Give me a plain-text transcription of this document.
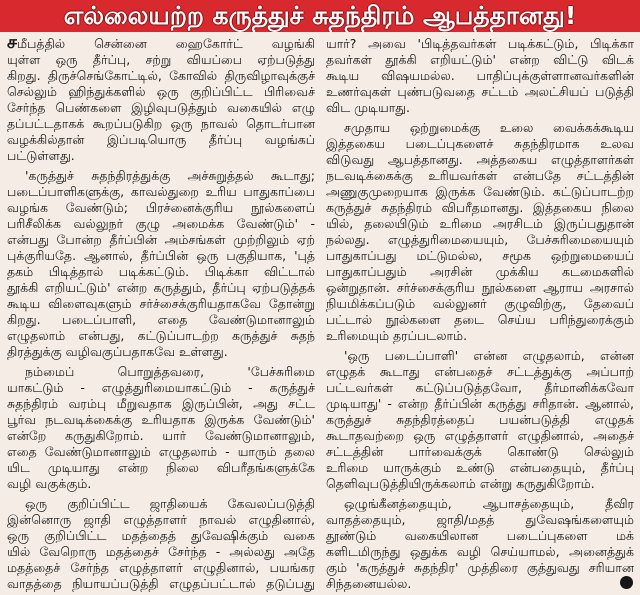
எல்லையற்ற கருத்துச் சுதந்திரம் ஆபத்தானது!
சமீபத்தில் சென்னை ஹைகோர்ட் வழங்கி
யுள்ள ஒரு தீர்ப்பு, சற்று வியப்பை ஏற்படுத்து
கிறது. திருச்செங்கோட்டில், கோவில் திருவிழாவுக்குச்
செல்லும் ஹிந்துக்களில் ஒரு குறிப்பிட்ட பிரிவைச்
சேர்ந்த பெண்களை இழிவுபடுத்தும் வகையில் எழு
தப்பட்டதாகக் கூறப்படுகிற ஒரு நாவல் தொடர்பான
வழக்கில்தான் இப்படியொரு தீர்ப்பு வழங்கப்
பட்டுள்ளது.
'கருத்துச் சுதந்திரத்துக்கு அச்சுறுத்தல் கூடாது;
படைப்பாளிகளுக்கு, காவல்துறை உரிய பாதுகாப்பை
வழங்க வேண்டும்; பிரச்னைக்குரிய நூல்களைப்
பரிசீலிக்க வல்லுநர் குழு அமைக்க வேண்டும்' -
என்பது போன்ற தீர்ப்பின் அம்சங்கள் முற்றிலும் ஏற்
புக்குரியதே. ஆனால், தீர்ப்பின் ஒரு பகுதியாக, 'புத்
தகம் பிடித்தால் படிக்கட்டும். பிடிக்கா விட்டால்
தூக்கி எறியட்டும்' என்ற கருத்தும், தீர்ப்பு ஏற்படுத்தக்
கூடிய விளைவுகளும் சர்ச்சைக்குரியதாகவே தோன்று
கிறது. படைப்பாளி, எதை வேண்டுமானாலும்
எழுதலாம் என்பது, கட்டுப்பாடற்ற கருத்துச் சுதந்
திரத்துக்கு வழிவகுப்பதாகவே உள்ளது.
நம்மைப் பொறுத்தவரை, 'பேச்சுரிமை
யாகட்டும் - எழுத்துரிமையாகட்டும் - கருத்துச்
சுதந்திரம் வரம்பு மீறுவதாக இருப்பின், அது சட்ட
பூர்வ நடவடிக்கைக்கு உரியதாக இருக்க வேண்டும்'
என்றே கருதுகிறோம். யார் வேண்டுமானாலும்,
எதை வேண்டுமானாலும் எழுதலாம் - யாரும் தலை
யிட முடியாது என்ற நிலை விபரீதங்களுக்கே
வழி வகுக்கும்.
ஒரு குறிப்பிட்ட ஜாதியைக் கேவலப்படுத்தி
இன்னொரு ஜாதி எழுத்தாளர் நாவல் எழுதினால்,
ஒரு குறிப்பிட்ட மதத்தைத் துவேஷிக்கும் வகை
யில் வேறொரு மதத்தைச் சேர்ந்த - அல்லது அதே
மதத்தைச் சேர்ந்த எழுத்தாளர் எழுதினால், பயங்கர
வாதத்தை நியாயப்படுத்தி எழுதப்பட்டால் தடுப்பது
யார்? அவை 'பிடித்தவர்கள் படிக்கட்டும், பிடிக்கா
தவர்கள் தூக்கி எறியட்டும்' என்ற விட்டு விடக்
கூடிய விஷயமல்ல. பாதிப்புக்குள்ளானவர்களின்
உணர்வுகள் புண்படுவதை சட்டம் அலட்சியப் படுத்தி
விட முடியாது.
சமுதாய ஒற்றுமைக்கு உலை வைக்கக்கூடிய
இத்தகைய படைப்புகளைச் சுதந்திரமாக உலவ
விடுவது ஆபத்தானது. அத்தகைய எழுத்தாளர்கள்
நடவடிக்கைக்கு உரியவர்கள் என்பதே சட்டத்தின்
அணுகுமுறையாக இருக்க வேண்டும். கட்டுப்பாடற்ற
கருத்துச் சுதந்திரம் விபரீதமானது. இத்தகைய நிலை
யில், தலையிடும் உரிமை அரசிடம் இருப்பதுதான்
நல்லது. எழுத்துரிமையையும், பேச்சுரிமையையும்
பாதுகாப்பது மட்டுமல்ல, சமூக ஒற்றுமையைப்
பாதுகாப்பதும் அரசின் முக்கிய கடமைகளில்
ஒன்றுதான். சர்ச்சைக்குரிய நூல்களை ஆராய அரசால்
நியமிக்கப்படும் வல்லுனர் குழுவிற்கு, தேவைப்
பட்டால் நூல்களை தடை செய்ய பரிந்துரைக்கும்
உரிமையும் தரப்படலாம்.
'ஒரு படைப்பாளி' என்ன எழுதலாம், என்ன
எழுதக் கூடாது என்பதைச் சட்டத்துக்கு அப்பாற்
பட்டவர்கள் கட்டுப்படுத்தவோ, தீர்மானிக்கவோ
முடியாது' - என்ற தீர்ப்பின் கருத்து சரிதான். ஆனால்,
கருத்துச் சுதந்திரத்தைப் பயன்படுத்தி எழுதக்
கூடாதவற்றை ஒரு எழுத்தாளர் எழுதினால், அதைச்
சட்டத்தின் பார்வைக்குக் கொண்டு செல்லும்
உரிமை யாருக்கும் உண்டு என்பதையும், தீர்ப்பு
தெளிவுபடுத்தியிருக்கலாம் என்று கருதுகிறோம்.
ஒழுங்கீனத்தையும், ஆபாசத்தையும், தீவிர
வாதத்தையும், ஜாதி/மதத் துவேஷங்களையும்
தூண்டும் வகையிலான படைப்புகளை மக்
களிடமிருந்து ஒதுக்க வழி செய்யாமல், அனைத்துக்
கும் 'கருத்துச் சுதந்திர' முத்திரை குத்துவது சரியான
சிந்தனையல்ல.
